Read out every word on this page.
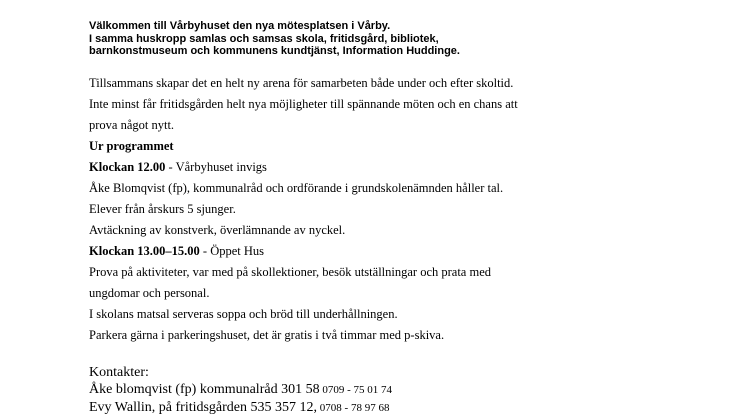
Välkommen till Vårbyhuset den nya mötesplatsen i Vårby.
I samma huskropp samlas och samsas skola, fritidsgård, bibliotek,
barnkonstmuseum och kommunens kundtjänst, Information Huddinge.

Tillsammans skapar det en helt ny arena för samarbeten både under och efter skoltid.

Inte minst får fritidsgården helt nya möjligheter till spännande möten och en chans att

prova något nytt.

Ur programmet

Klockan 12.00 - Vårbyhuset invigs

Åke Blomqvist (fp), kommunalråd och ordförande i grundskolenämnden håller tal.

Elever från årskurs 5 sjunger.

Avtäckning av konstverk, överlämnande av nyckel.

Klockan 13.00–15.00 - Öppet Hus

Prova på aktiviteter, var med på skollektioner, besök utställningar och prata med

ungdomar och personal.

I skolans matsal serveras soppa och bröd till underhållningen.

Parkera gärna i parkeringshuset, det är gratis i två timmar med p-skiva.

Kontakter:

Åke blomqvist (fp) kommunalråd 301 58 0709 - 75 01 74

Evy Wallin, på fritidsgården 535 357 12, 0708 - 78 97 68
